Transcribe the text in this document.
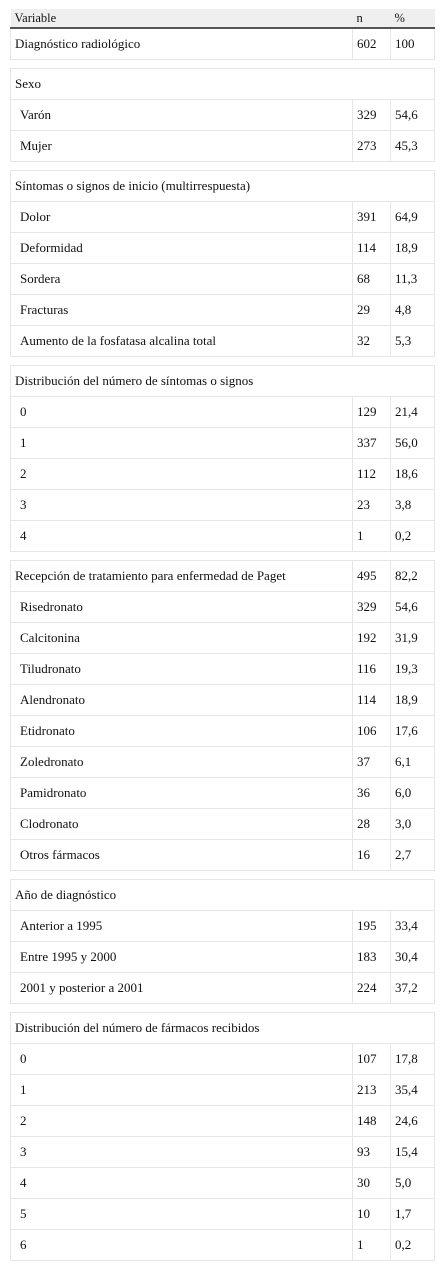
Variable	n	%
Diagnóstico radiológico	602	100

Sexo		
Varón	329	54,6
Mujer	273	45,3

Síntomas o signos de inicio (multirrespuesta)		
Dolor	391	64,9
Deformidad	114	18,9
Sordera	68	11,3
Fracturas	29	4,8
Aumento de la fosfatasa alcalina total	32	5,3

Distribución del número de síntomas o signos		
0	129	21,4
1	337	56,0
2	112	18,6
3	23	3,8
4	1	0,2

Recepción de tratamiento para enfermedad de Paget	495	82,2
Risedronato	329	54,6
Calcitonina	192	31,9
Tiludronato	116	19,3
Alendronato	114	18,9
Etidronato	106	17,6
Zoledronato	37	6,1
Pamidronato	36	6,0
Clodronato	28	3,0
Otros fármacos	16	2,7

Año de diagnóstico		
Anterior a 1995	195	33,4
Entre 1995 y 2000	183	30,4
2001 y posterior a 2001	224	37,2

Distribución del número de fármacos recibidos		
0	107	17,8
1	213	35,4
2	148	24,6
3	93	15,4
4	30	5,0
5	10	1,7
6	1	0,2
